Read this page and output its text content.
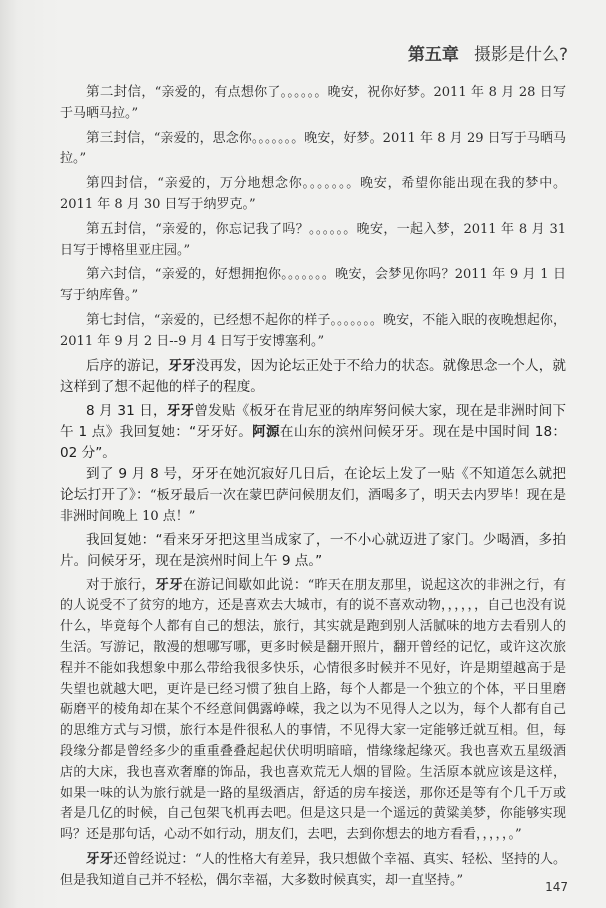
第五章 摄影是什么?

第二封信，“亲爱的，有点想你了。。。。。。晚安，祝你好梦。2011 年 8 月 28 日写于马晒马拉。”

第三封信，“亲爱的，思念你。。。。。。。晚安，好梦。2011 年 8 月 29 日写于马晒马拉。”

第四封信，“亲爱的，万分地想念你。。。。。。。晚安，希望你能出现在我的梦中。2011 年 8 月 30 日写于纳罗克。”

第五封信，“亲爱的，你忘记我了吗？。。。。。。晚安，一起入梦，2011 年 8 月 31 日写于博格里亚庄园。”

第六封信，“亲爱的，好想拥抱你。。。。。。。晚安，会梦见你吗？2011 年 9 月 1 日写于纳库鲁。”

第七封信，“亲爱的，已经想不起你的样子。。。。。。。晚安，不能入眠的夜晚想起你，2011 年 9 月 2 日--9 月 4 日写于安博塞利。”

后序的游记，牙牙没再发，因为论坛正处于不给力的状态。就像思念一个人，就这样到了想不起他的样子的程度。

8 月 31 日，牙牙曾发贴《板牙在肯尼亚的纳库努问候大家，现在是非洲时间下午 1 点》我回复她：“牙牙好。阿源在山东的滨州问候牙牙。现在是中国时间 18：02 分”。

到了 9 月 8 号，牙牙在她沉寂好几日后，在论坛上发了一贴《不知道怎么就把论坛打开了》：“板牙最后一次在蒙巴萨问候朋友们，酒喝多了，明天去内罗毕！现在是非洲时间晚上 10 点！”

我回复她：“看来牙牙把这里当成家了，一不小心就迈进了家门。少喝酒，多拍片。问候牙牙，现在是滨州时间上午 9 点。”

对于旅行，牙牙在游记间歇如此说：“昨天在朋友那里，说起这次的非洲之行，有的人说受不了贫穷的地方，还是喜欢去大城市，有的说不喜欢动物，，，，，，自己也没有说什么，毕竟每个人都有自己的想法，旅行，其实就是跑到别人活腻味的地方去看别人的生活。写游记，散漫的想哪写哪，更多时候是翻开照片，翻开曾经的记忆，或许这次旅程并不能如我想象中那么带给我很多快乐，心情很多时候并不见好，许是期望越高于是失望也就越大吧，更许是已经习惯了独自上路，每个人都是一个独立的个体，平日里磨砺磨平的棱角却在某个不经意间偶露峥嵘，我之以为不见得人之以为，每个人都有自己的思维方式与习惯，旅行本是件很私人的事情，不见得大家一定能够迁就互相。但，每段缘分都是曾经多少的重重叠叠起起伏伏明明暗暗，惜缘缘起缘灭。我也喜欢五星级酒店的大床，我也喜欢奢靡的饰品，我也喜欢荒无人烟的冒险。生活原本就应该是这样，如果一味的认为旅行就是一路的星级酒店，舒适的房车接送，那你还是等有个几千万或者是几亿的时候，自己包架飞机再去吧。但是这只是一个遥远的黄粱美梦，你能够实现吗？还是那句话，心动不如行动，朋友们，去吧，去到你想去的地方看看，，，，，。”

牙牙还曾经说过：“人的性格大有差异，我只想做个幸福、真实、轻松、坚持的人。但是我知道自己并不轻松，偶尔幸福，大多数时候真实，却一直坚持。”	147
